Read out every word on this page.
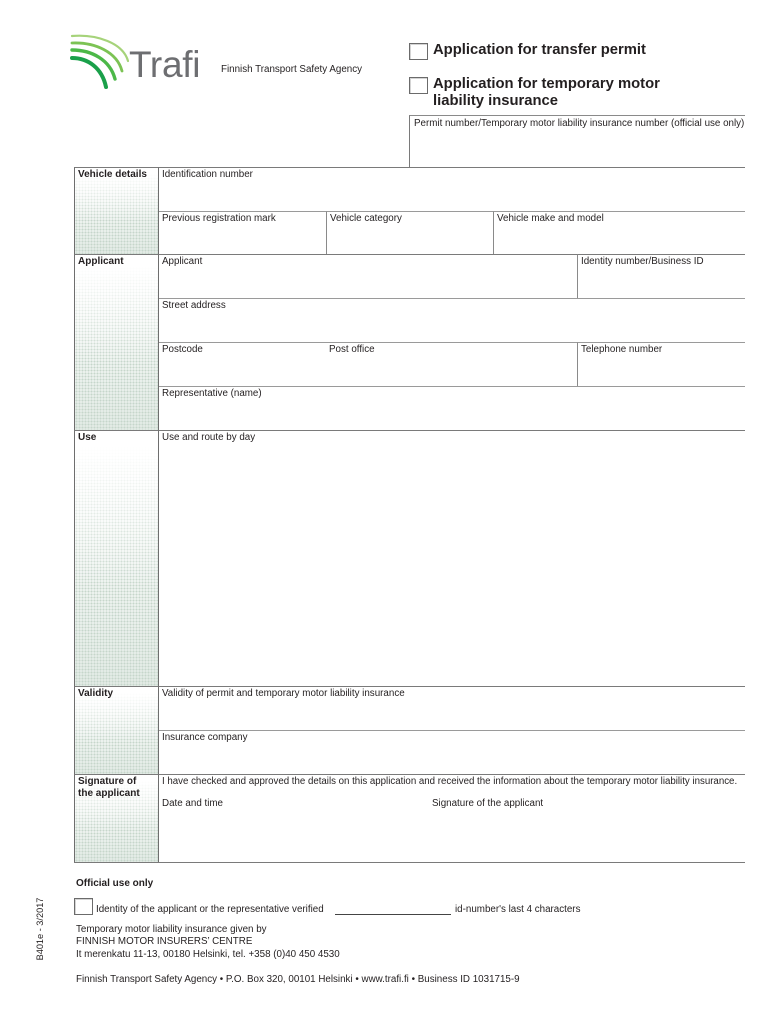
Trafi Finnish Transport Safety Agency
Application for transfer permit
Application for temporary motor
liability insurance
Permit number/Temporary motor liability insurance number (official use only)
Vehicle details Identification number
Previous registration mark	Vehicle category	Vehicle make and model
Applicant	Applicant	Identity number/Business ID
Street address
Postcode	Post office	Telephone number
Representative (name)
Use	Use and route by day
Validity	Validity of permit and temporary motor liability insurance
Insurance company
Signature of
the applicant
I have checked and approved the details on this application and received the information about the temporary motor liability insurance.
Date and time	Signature of the applicant
Official use only
Identity of the applicant or the representative verified	id-number's last 4 characters
Temporary motor liability insurance given by
FINNISH MOTOR INSURERS’ CENTRE
It merenkatu 11-13, 00180 Helsinki, tel. +358 (0)40 450 4530
Finnish Transport Safety Agency • P.O. Box 320, 00101 Helsinki • www.trafi.fi • Business ID 1031715-9
B401e - 3/2017
